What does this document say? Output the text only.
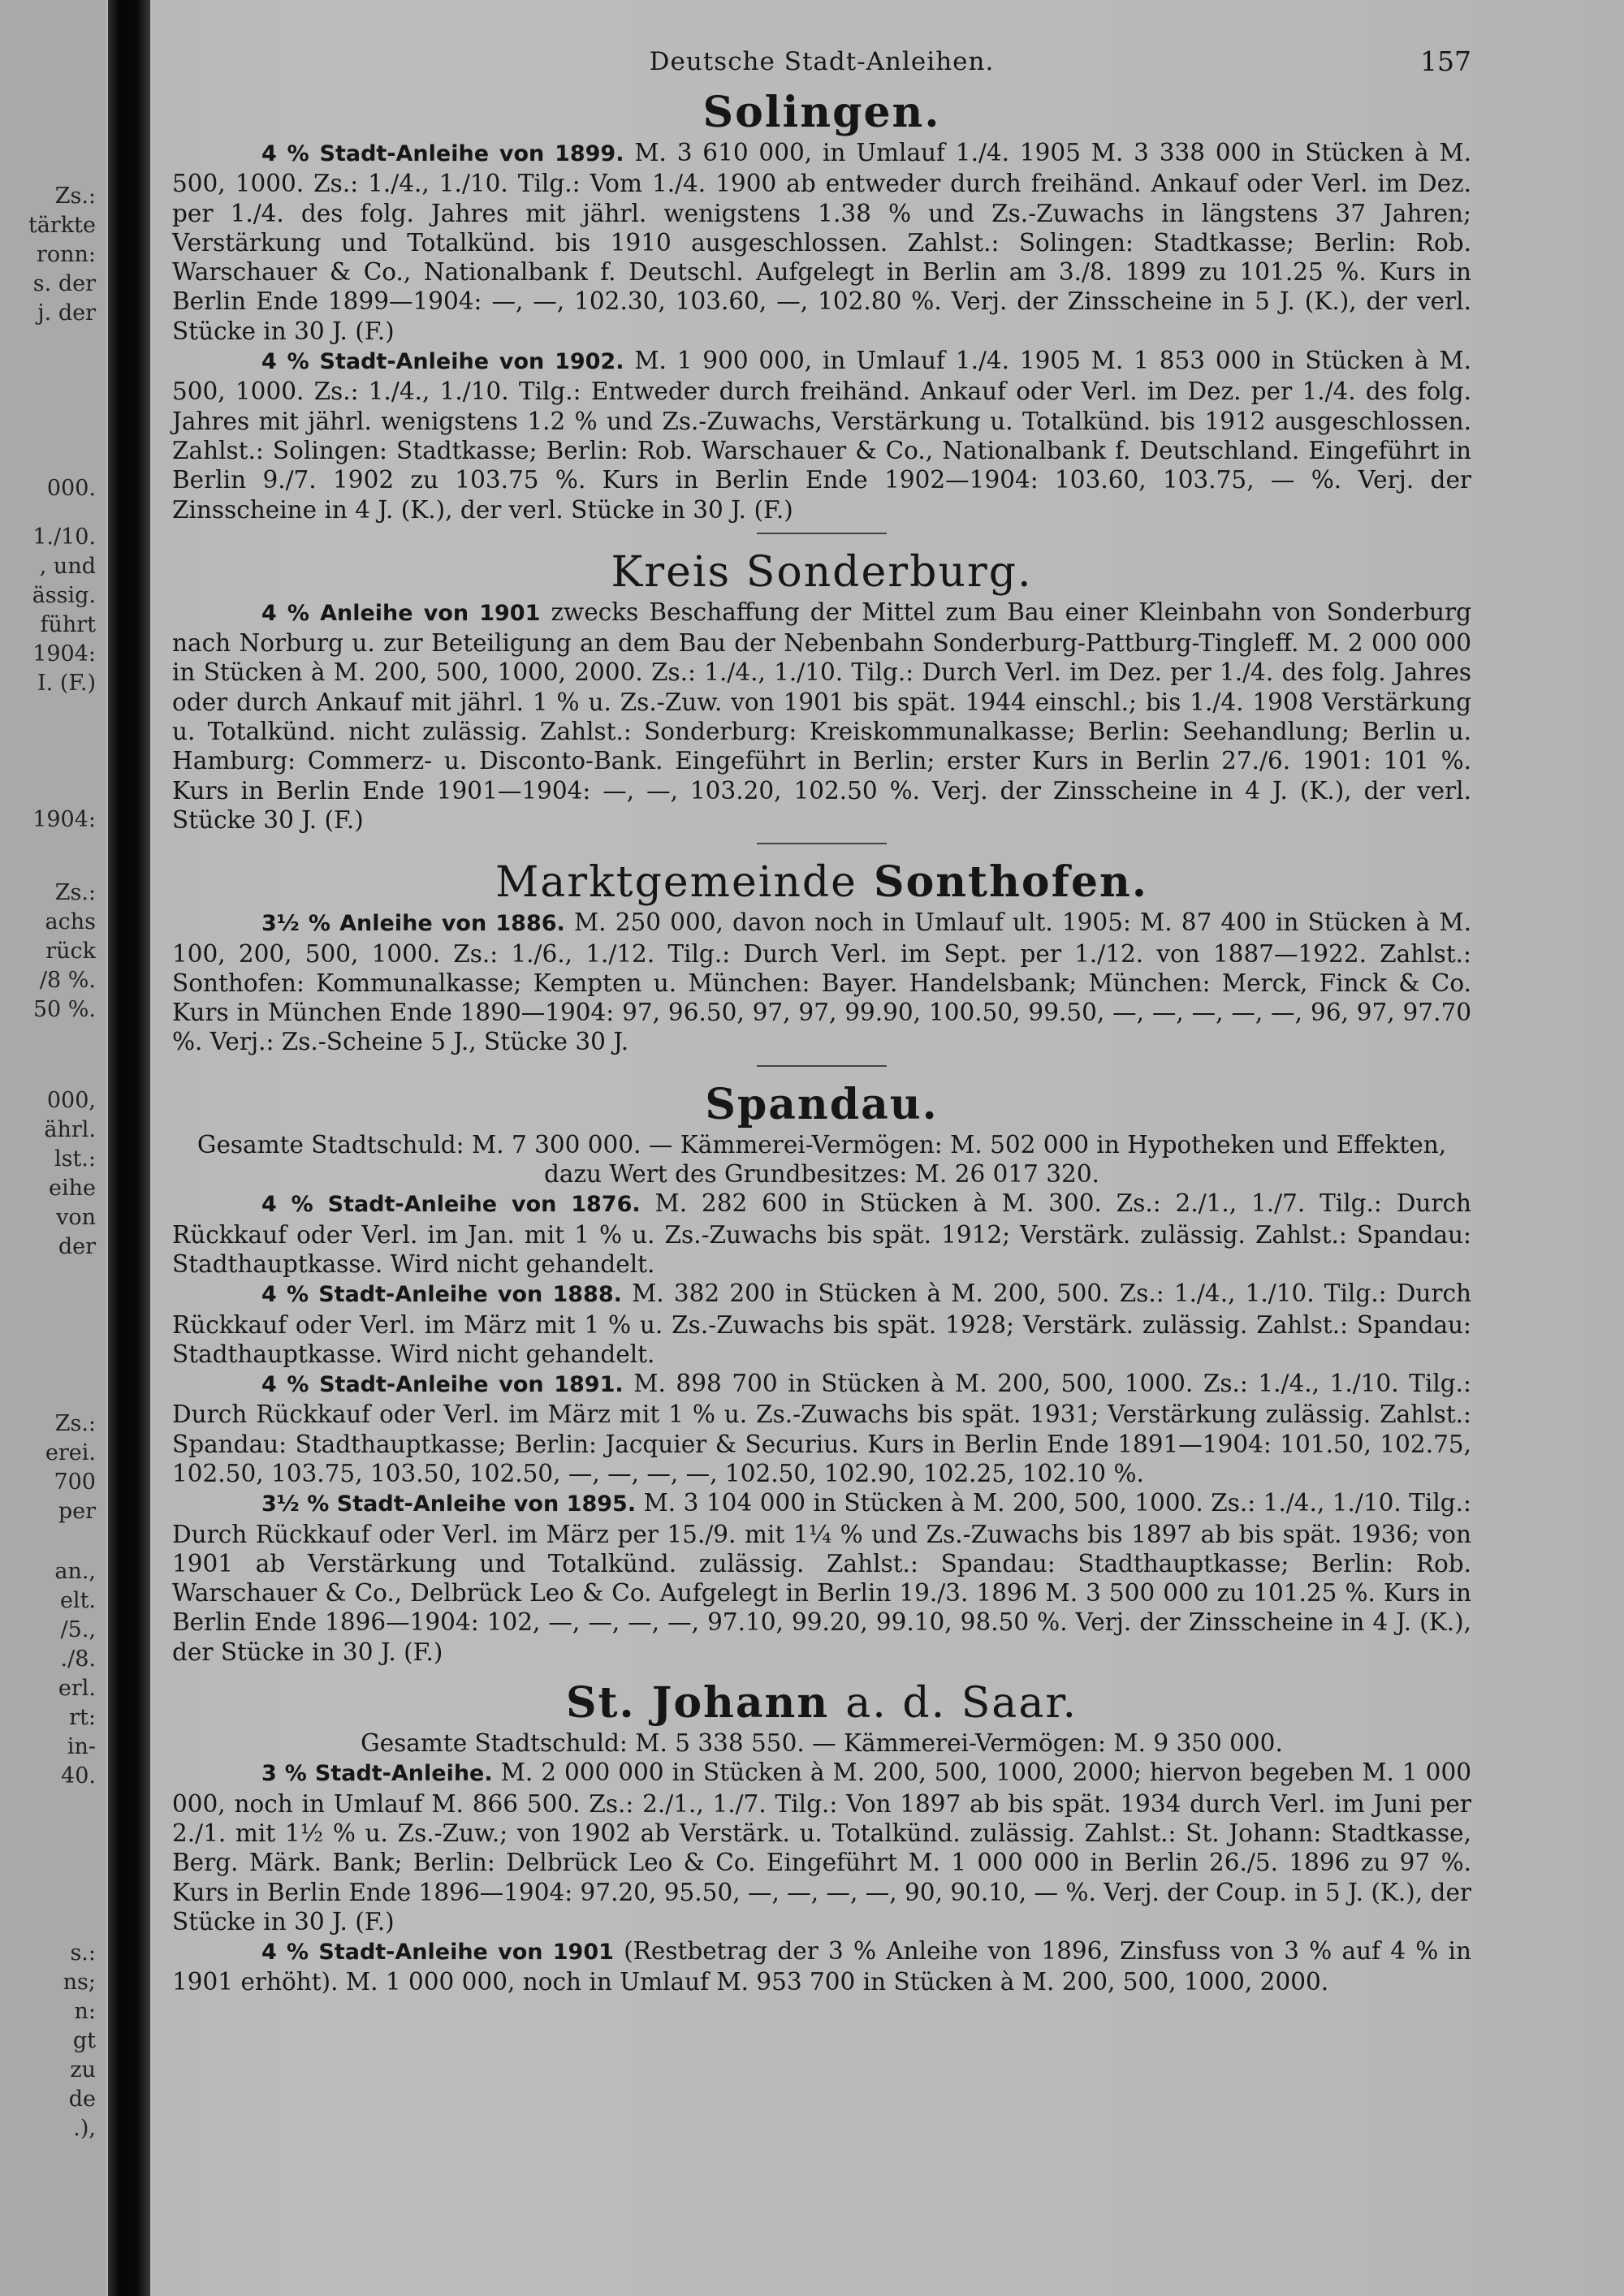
Zs.:
tärkte
ronn:
s. der
j. der
000.
1./10.
, und
ässig.
führt
1904:
I. (F.)
1904:
Zs.:
achs
rück
/8 %.
50 %.
000,
ährl.
lst.:
eihe
von
der
Zs.:
erei.
700
per
an.,
elt.
/5.,
./8.
erl.
rt:
in-
40.
s.:
ns;
n:
gt
zu
de
.),
Deutsche Stadt-Anleihen.	157
Solingen.

4 % Stadt-Anleihe von 1899. M. 3 610 000, in Umlauf 1./4. 1905 M. 3 338 000 in Stücken à M. 500, 1000. Zs.: 1./4., 1./10. Tilg.: Vom 1./4. 1900 ab entweder durch freihänd. Ankauf oder Verl. im Dez. per 1./4. des folg. Jahres mit jährl. wenigstens 1.38 % und Zs.-Zuwachs in längstens 37 Jahren; Verstärkung und Totalkünd. bis 1910 ausgeschlossen. Zahlst.: Solingen: Stadtkasse; Berlin: Rob. Warschauer & Co., Nationalbank f. Deutschl. Aufgelegt in Berlin am 3./8. 1899 zu 101.25 %. Kurs in Berlin Ende 1899—1904: —, —, 102.30, 103.60, —, 102.80 %. Verj. der Zinsscheine in 5 J. (K.), der verl. Stücke in 30 J. (F.)

4 % Stadt-Anleihe von 1902. M. 1 900 000, in Umlauf 1./4. 1905 M. 1 853 000 in Stücken à M. 500, 1000. Zs.: 1./4., 1./10. Tilg.: Entweder durch freihänd. Ankauf oder Verl. im Dez. per 1./4. des folg. Jahres mit jährl. wenigstens 1.2 % und Zs.-Zuwachs, Verstärkung u. Totalkünd. bis 1912 ausgeschlossen. Zahlst.: Solingen: Stadtkasse; Berlin: Rob. Warschauer & Co., Nationalbank f. Deutschland. Eingeführt in Berlin 9./7. 1902 zu 103.75 %. Kurs in Berlin Ende 1902—1904: 103.60, 103.75, — %. Verj. der Zinsscheine in 4 J. (K.), der verl. Stücke in 30 J. (F.)

Kreis Sonderburg.

4 % Anleihe von 1901 zwecks Beschaffung der Mittel zum Bau einer Kleinbahn von Sonderburg nach Norburg u. zur Beteiligung an dem Bau der Nebenbahn Sonderburg-Pattburg-Tingleff. M. 2 000 000 in Stücken à M. 200, 500, 1000, 2000. Zs.: 1./4., 1./10. Tilg.: Durch Verl. im Dez. per 1./4. des folg. Jahres oder durch Ankauf mit jährl. 1 % u. Zs.-Zuw. von 1901 bis spät. 1944 einschl.; bis 1./4. 1908 Verstärkung u. Totalkünd. nicht zulässig. Zahlst.: Sonderburg: Kreiskommunalkasse; Berlin: Seehandlung; Berlin u. Hamburg: Commerz- u. Disconto-Bank. Eingeführt in Berlin; erster Kurs in Berlin 27./6. 1901: 101 %. Kurs in Berlin Ende 1901—1904: —, —, 103.20, 102.50 %. Verj. der Zinsscheine in 4 J. (K.), der verl. Stücke 30 J. (F.)

Marktgemeinde Sonthofen.

3½ % Anleihe von 1886. M. 250 000, davon noch in Umlauf ult. 1905: M. 87 400 in Stücken à M. 100, 200, 500, 1000. Zs.: 1./6., 1./12. Tilg.: Durch Verl. im Sept. per 1./12. von 1887—1922. Zahlst.: Sonthofen: Kommunalkasse; Kempten u. München: Bayer. Handelsbank; München: Merck, Finck & Co. Kurs in München Ende 1890—1904: 97, 96.50, 97, 97, 99.90, 100.50, 99.50, —, —, —, —, —, 96, 97, 97.70 %. Verj.: Zs.-Scheine 5 J., Stücke 30 J.

Spandau.

Gesamte Stadtschuld: M. 7 300 000. — Kämmerei-Vermögen: M. 502 000 in Hypotheken und Effekten, dazu Wert des Grundbesitzes: M. 26 017 320.

4 % Stadt-Anleihe von 1876. M. 282 600 in Stücken à M. 300. Zs.: 2./1., 1./7. Tilg.: Durch Rückkauf oder Verl. im Jan. mit 1 % u. Zs.-Zuwachs bis spät. 1912; Verstärk. zulässig. Zahlst.: Spandau: Stadthauptkasse. Wird nicht gehandelt.

4 % Stadt-Anleihe von 1888. M. 382 200 in Stücken à M. 200, 500. Zs.: 1./4., 1./10. Tilg.: Durch Rückkauf oder Verl. im März mit 1 % u. Zs.-Zuwachs bis spät. 1928; Verstärk. zulässig. Zahlst.: Spandau: Stadthauptkasse. Wird nicht gehandelt.

4 % Stadt-Anleihe von 1891. M. 898 700 in Stücken à M. 200, 500, 1000. Zs.: 1./4., 1./10. Tilg.: Durch Rückkauf oder Verl. im März mit 1 % u. Zs.-Zuwachs bis spät. 1931; Verstärkung zulässig. Zahlst.: Spandau: Stadthauptkasse; Berlin: Jacquier & Securius. Kurs in Berlin Ende 1891—1904: 101.50, 102.75, 102.50, 103.75, 103.50, 102.50, —, —, —, —, 102.50, 102.90, 102.25, 102.10 %.

3½ % Stadt-Anleihe von 1895. M. 3 104 000 in Stücken à M. 200, 500, 1000. Zs.: 1./4., 1./10. Tilg.: Durch Rückkauf oder Verl. im März per 15./9. mit 1¼ % und Zs.-Zuwachs bis 1897 ab bis spät. 1936; von 1901 ab Verstärkung und Totalkünd. zulässig. Zahlst.: Spandau: Stadthauptkasse; Berlin: Rob. Warschauer & Co., Delbrück Leo & Co. Aufgelegt in Berlin 19./3. 1896 M. 3 500 000 zu 101.25 %. Kurs in Berlin Ende 1896—1904: 102, —, —, —, —, 97.10, 99.20, 99.10, 98.50 %. Verj. der Zinsscheine in 4 J. (K.), der Stücke in 30 J. (F.)

St. Johann a. d. Saar.

Gesamte Stadtschuld: M. 5 338 550. — Kämmerei-Vermögen: M. 9 350 000.

3 % Stadt-Anleihe. M. 2 000 000 in Stücken à M. 200, 500, 1000, 2000; hiervon begeben M. 1 000 000, noch in Umlauf M. 866 500. Zs.: 2./1., 1./7. Tilg.: Von 1897 ab bis spät. 1934 durch Verl. im Juni per 2./1. mit 1½ % u. Zs.-Zuw.; von 1902 ab Verstärk. u. Totalkünd. zulässig. Zahlst.: St. Johann: Stadtkasse, Berg. Märk. Bank; Berlin: Delbrück Leo & Co. Eingeführt M. 1 000 000 in Berlin 26./5. 1896 zu 97 %. Kurs in Berlin Ende 1896—1904: 97.20, 95.50, —, —, —, —, 90, 90.10, — %. Verj. der Coup. in 5 J. (K.), der Stücke in 30 J. (F.)

4 % Stadt-Anleihe von 1901 (Restbetrag der 3 % Anleihe von 1896, Zinsfuss von 3 % auf 4 % in 1901 erhöht). M. 1 000 000, noch in Umlauf M. 953 700 in Stücken à M. 200, 500, 1000, 2000.
